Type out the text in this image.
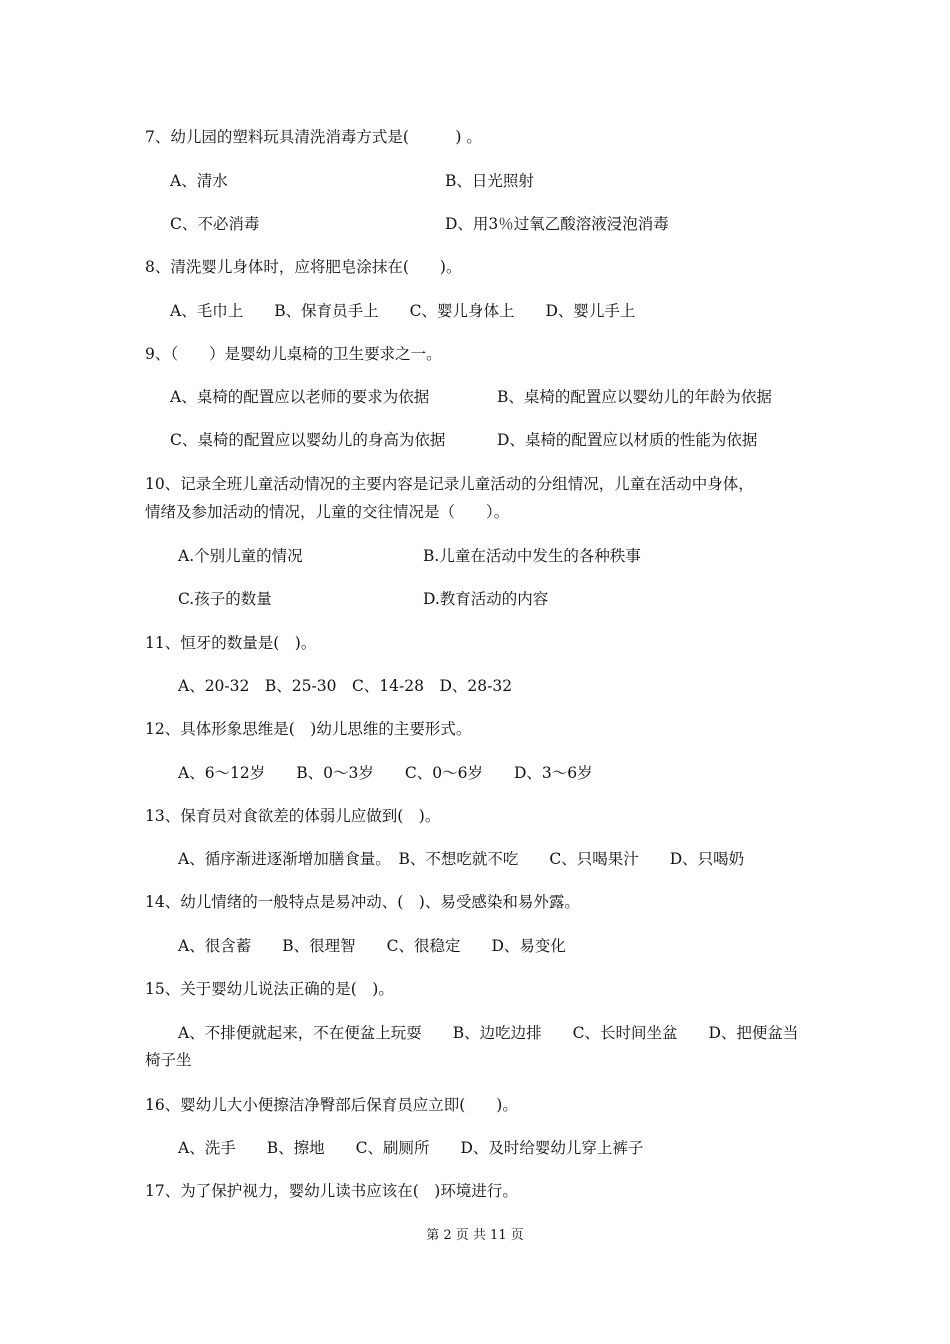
7、幼儿园的塑料玩具清洗消毒方式是(　　　) 。
A、清水	B、日光照射
C、不必消毒	D、用3％过氧乙酸溶液浸泡消毒
8、清洗婴儿身体时，应将肥皂涂抹在(　　)。
A、毛巾上　　B、保育员手上　　C、婴儿身体上　　D、婴儿手上
9、（　　）是婴幼儿桌椅的卫生要求之一。
A、桌椅的配置应以老师的要求为依据	B、桌椅的配置应以婴幼儿的年龄为依据
C、桌椅的配置应以婴幼儿的身高为依据	D、桌椅的配置应以材质的性能为依据
10、记录全班儿童活动情况的主要内容是记录儿童活动的分组情况，儿童在活动中身体，
情绪及参加活动的情况，儿童的交往情况是（　　）。
A.个别儿童的情况	B.儿童在活动中发生的各种秩事
C.孩子的数量	D.教育活动的内容
11、恒牙的数量是(　)。
A、20-32　B、25-30　C、14-28　D、28-32
12、具体形象思维是(　)幼儿思维的主要形式。
A、6～12岁　　B、0～3岁　　C、0～6岁　　D、3～6岁
13、保育员对食欲差的体弱儿应做到(　)。
A、循序渐进逐渐增加膳食量。　B、不想吃就不吃　　C、只喝果汁　　D、只喝奶
14、幼儿情绪的一般特点是易冲动、(　)、易受感染和易外露。
A、很含蓄　　B、很理智　　C、很稳定　　D、易变化
15、关于婴幼儿说法正确的是(　)。
A、不排便就起来，不在便盆上玩耍　　B、边吃边排　　C、长时间坐盆　　D、把便盆当
椅子坐
16、婴幼儿大小便擦洁净臀部后保育员应立即(　　)。
A、洗手　　B、擦地　　C、刷厕所　　D、及时给婴幼儿穿上裤子
17、为了保护视力，婴幼儿读书应该在(　)环境进行。
第 2 页 共 11 页
